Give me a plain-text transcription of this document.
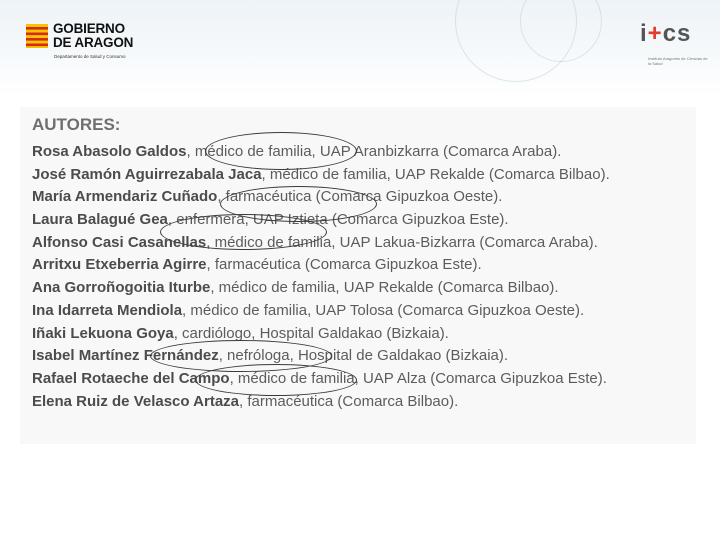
GOBIERNO
DE ARAGON
Departamento de Salud y Consumo
i+cs
Instituto Aragonés de Ciencias de la Salud
AUTORES:
Rosa Abasolo Galdos, médico de familia, UAP Aranbizkarra (Comarca Araba).
José Ramón Aguirrezabala Jaca, médico de familia, UAP Rekalde (Comarca Bilbao).
María Armendariz Cuñado, farmacéutica (Comarca Gipuzkoa Oeste).
Laura Balagué Gea, enfermera, UAP Iztieta (Comarca Gipuzkoa Este).
Alfonso Casi Casanellas, médico de familia, UAP Lakua-Bizkarra (Comarca Araba).
Arritxu Etxeberria Agirre, farmacéutica (Comarca Gipuzkoa Este).
Ana Gorroñogoitia Iturbe, médico de familia, UAP Rekalde (Comarca Bilbao).
Ina Idarreta Mendiola, médico de familia, UAP Tolosa (Comarca Gipuzkoa Oeste).
Iñaki Lekuona Goya, cardiólogo, Hospital Galdakao (Bizkaia).
Isabel Martínez Fernández, nefróloga, Hospital de Galdakao (Bizkaia).
Rafael Rotaeche del Campo, médico de familia, UAP Alza (Comarca Gipuzkoa Este).
Elena Ruiz de Velasco Artaza, farmacéutica (Comarca Bilbao).
